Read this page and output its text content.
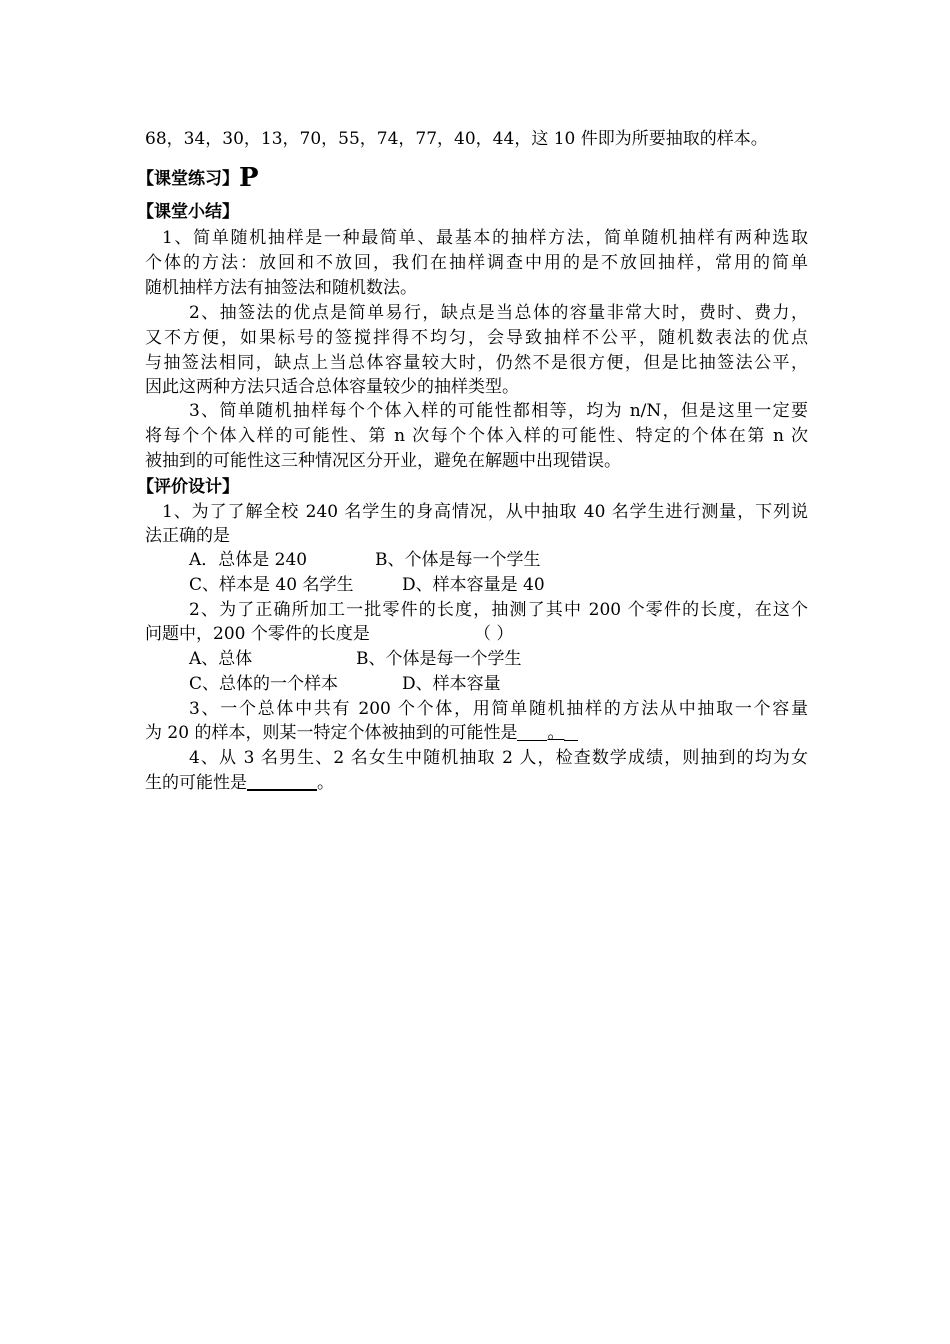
68，34，30，13，70，55，74，77，40，44，这 10 件即为所要抽取的样本。
【课堂练习】P
【课堂小结】
1、简单随机抽样是一种最简单、最基本的抽样方法，简单随机抽样有两种选取
个体的方法：放回和不放回，我们在抽样调查中用的是不放回抽样，常用的简单
随机抽样方法有抽签法和随机数法。
2、抽签法的优点是简单易行，缺点是当总体的容量非常大时，费时、费力，
又不方便，如果标号的签搅拌得不均匀，会导致抽样不公平，随机数表法的优点
与抽签法相同，缺点上当总体容量较大时，仍然不是很方便，但是比抽签法公平，
因此这两种方法只适合总体容量较少的抽样类型。
3、简单随机抽样每个个体入样的可能性都相等，均为 n/N，但是这里一定要
将每个个体入样的可能性、第 n 次每个个体入样的可能性、特定的个体在第 n 次
被抽到的可能性这三种情况区分开业，避免在解题中出现错误。
【评价设计】
1、为了了解全校 240 名学生的身高情况，从中抽取 40 名学生进行测量，下列说
法正确的是
A．总体是 240	B、个体是每一个学生
C、样本是 40 名学生	D、样本容量是 40
2、为了正确所加工一批零件的长度，抽测了其中 200 个零件的长度，在这个
问题中，200 个零件的长度是	（ ）
A、总体	B、个体是每一个学生
C、总体的一个样本	D、样本容量
3、一个总体中共有 200 个个体，用简单随机抽样的方法从中抽取一个容量
为 20 的样本，则某一特定个体被抽到的可能性是 。
4、从 3 名男生、2 名女生中随机抽取 2 人，检查数学成绩，则抽到的均为女
生的可能性是	。
